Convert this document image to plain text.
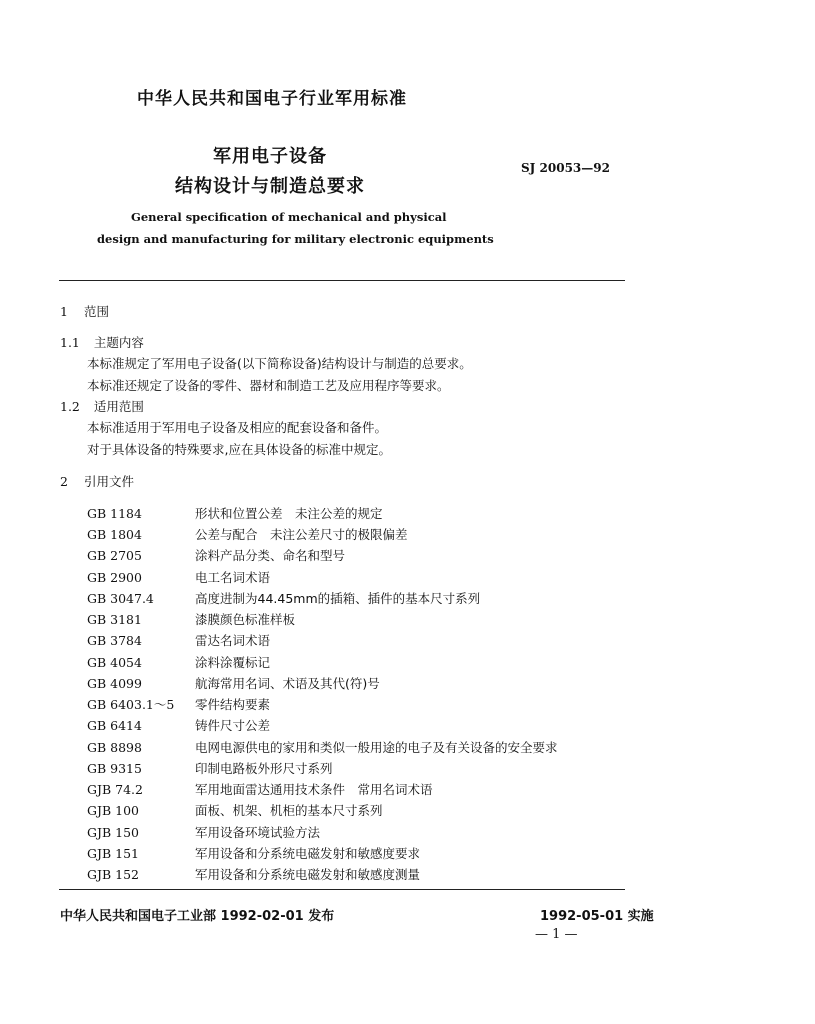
中华人民共和国电子行业军用标准
军用电子设备
结构设计与制造总要求
SJ 20053—92
General specification of mechanical and physical
design and manufacturing for military electronic equipments
1 范围
1.1 主题内容
本标准规定了军用电子设备(以下简称设备)结构设计与制造的总要求。
本标准还规定了设备的零件、器材和制造工艺及应用程序等要求。
1.2 适用范围
本标准适用于军用电子设备及相应的配套设备和备件。
对于具体设备的特殊要求,应在具体设备的标准中规定。
2 引用文件
GB 1184	形状和位置公差　未注公差的规定
GB 1804	公差与配合　未注公差尺寸的极限偏差
GB 2705	涂料产品分类、命名和型号
GB 2900	电工名词术语
GB 3047.4	高度进制为44.45mm的插箱、插件的基本尺寸系列
GB 3181	漆膜颜色标准样板
GB 3784	雷达名词术语
GB 4054	涂料涂覆标记
GB 4099	航海常用名词、术语及其代(符)号
GB 6403.1～5 零件结构要素
GB 6414	铸件尺寸公差
GB 8898	电网电源供电的家用和类似一般用途的电子及有关设备的安全要求
GB 9315	印制电路板外形尺寸系列
GJB 74.2	军用地面雷达通用技术条件　常用名词术语
GJB 100	面板、机架、机柜的基本尺寸系列
GJB 150	军用设备环境试验方法
GJB 151	军用设备和分系统电磁发射和敏感度要求
GJB 152	军用设备和分系统电磁发射和敏感度测量
中华人民共和国电子工业部 1992-02-01 发布	1992-05-01 实施
— 1 —
